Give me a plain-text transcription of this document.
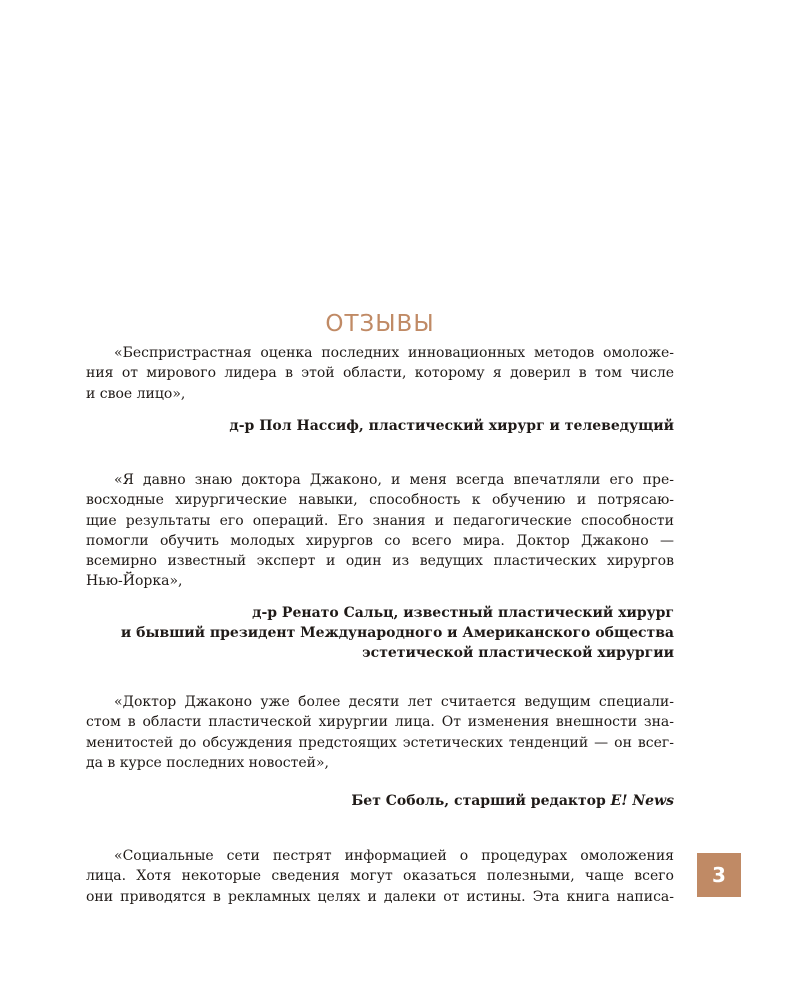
ОТЗЫВЫ

«Беспристрастная оценка последних инновационных методов омоложе-
ния от мирового лидера в этой области, которому я доверил в том числе
и свое лицо»,

д-р Пол Нассиф, пластический хирург и телеведущий

«Я давно знаю доктора Джаконо, и меня всегда впечатляли его пре-
восходные хирургические навыки, способность к обучению и потрясаю-
щие результаты его операций. Его знания и педагогические способности
помогли обучить молодых хирургов со всего мира. Доктор Джаконо —
всемирно известный эксперт и один из ведущих пластических хирургов
Нью-Йорка»,

д-р Ренато Сальц, известный пластический хирург
и бывший президент Международного и Американского общества
эстетической пластической хирургии

«Доктор Джаконо уже более десяти лет считается ведущим специали-
стом в области пластической хирургии лица. От изменения внешности зна-
менитостей до обсуждения предстоящих эстетических тенденций — он всег-
да в курсе последних новостей»,

Бет Соболь, старший редактор E! News

«Социальные сети пестрят информацией о процедурах омоложения
лица. Хотя некоторые сведения могут оказаться полезными, чаще всего
они приводятся в рекламных целях и далеки от истины. Эта книга написа-

3
